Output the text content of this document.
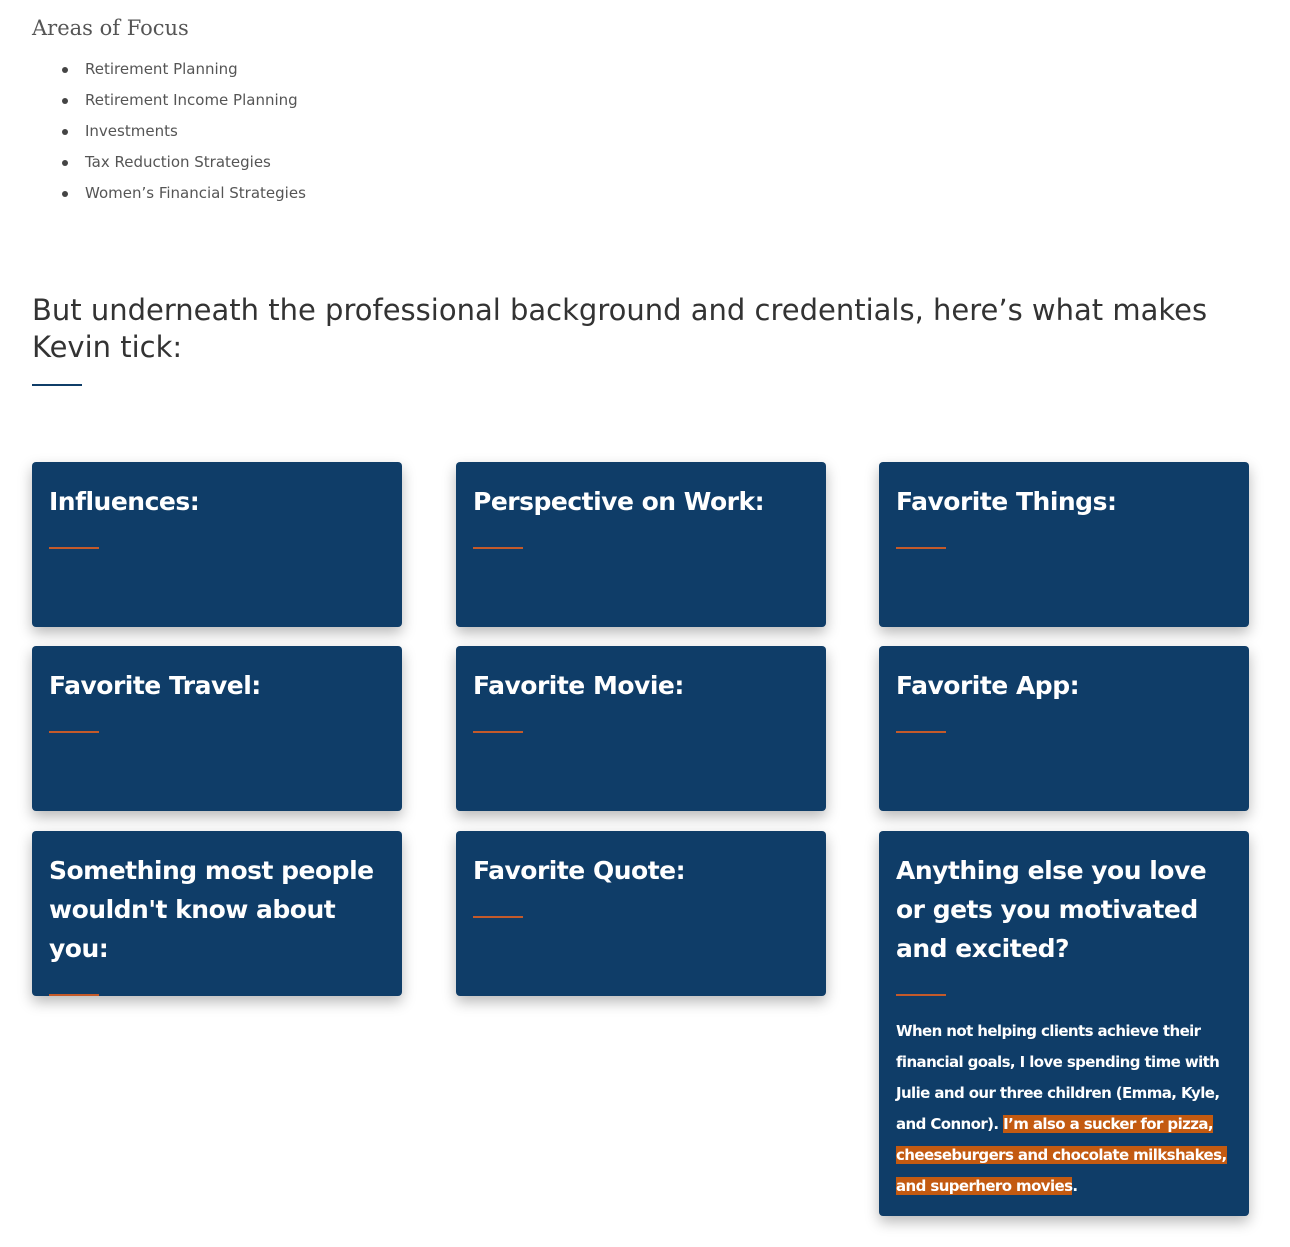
Areas of Focus
Retirement Planning
Retirement Income Planning
Investments
Tax Reduction Strategies
Women’s Financial Strategies
But underneath the professional background and credentials, here’s what makes Kevin tick:
Influences:	Perspective on Work:	Favorite Things:
Favorite Travel:	Favorite Movie:	Favorite App:
Something most people wouldn't know about you:
Favorite Quote:	Anything else you love or gets you motivated and excited?

When not helping clients achieve their financial goals, I love spending time with Julie and our three children (Emma, Kyle, and Connor). I’m also a sucker for pizza, cheeseburgers and chocolate milkshakes, and superhero movies.
